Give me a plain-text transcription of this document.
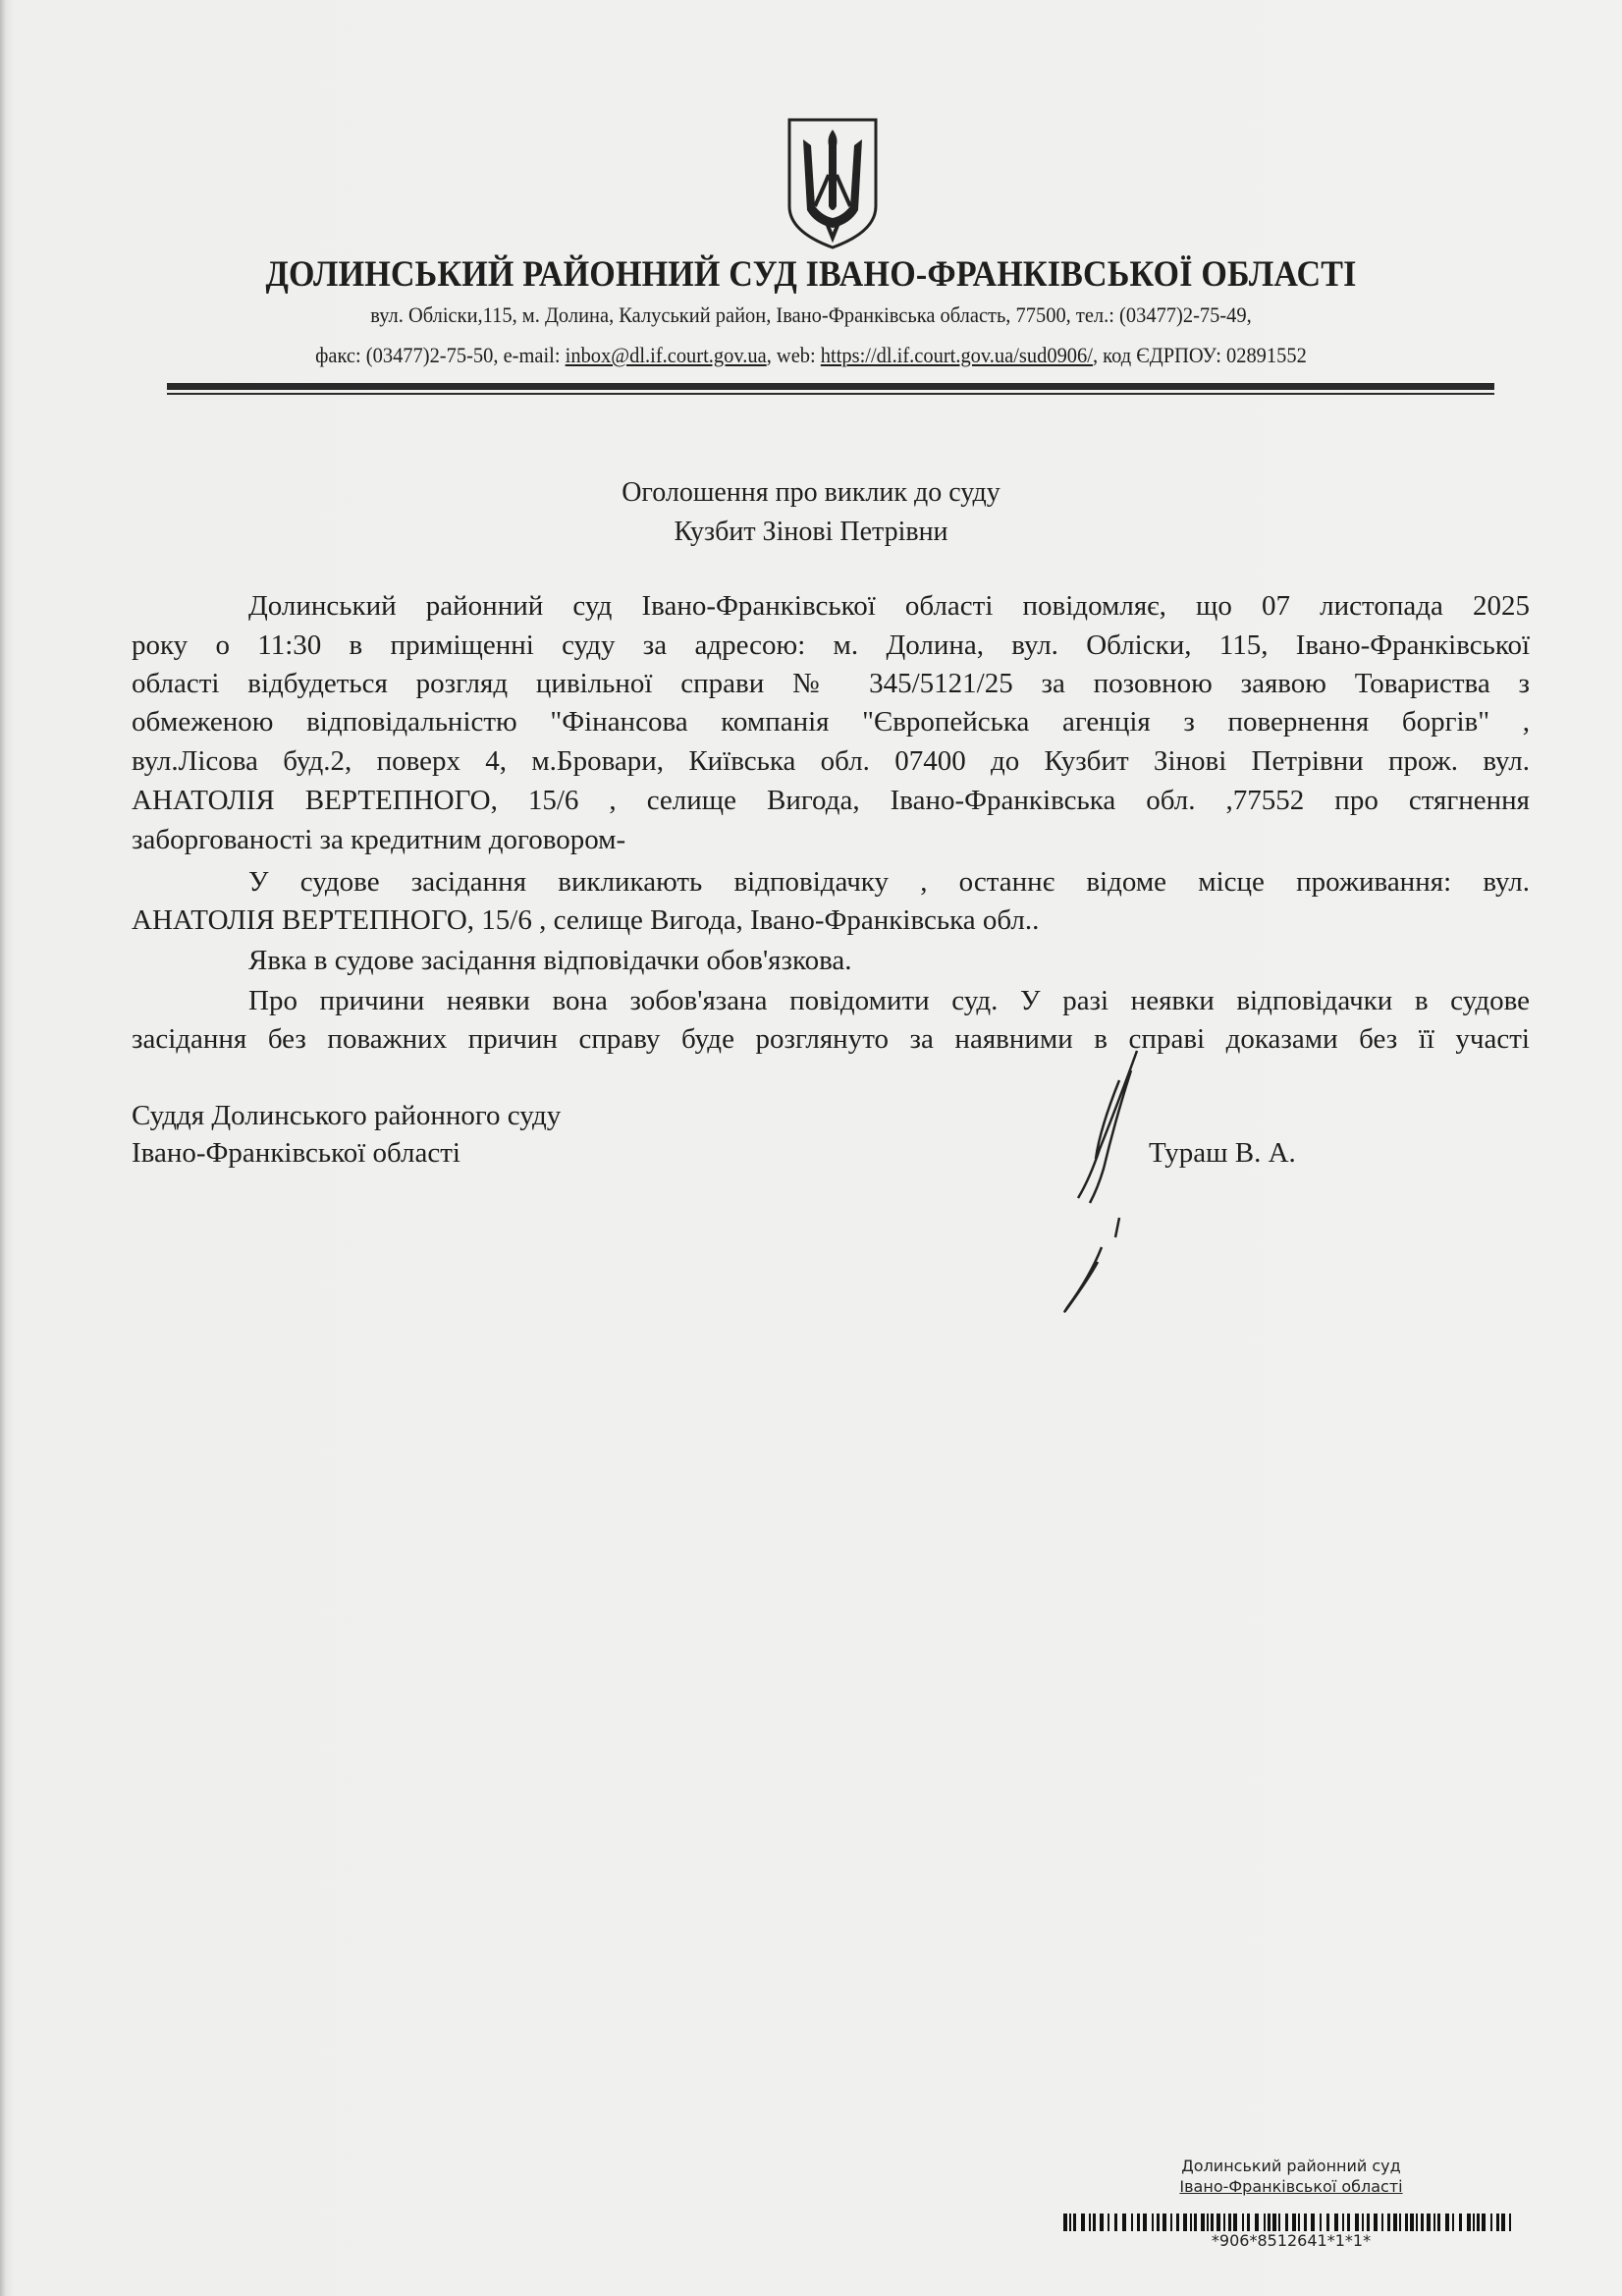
ДОЛИНСЬКИЙ РАЙОННИЙ СУД ІВАНО-ФРАНКІВСЬКОЇ ОБЛАСТІ
вул. Обліски,115, м. Долина, Калуський район, Івано-Франківська область, 77500, тел.: (03477)2-75-49,
факс: (03477)2-75-50, e-mail: inbox@dl.if.court.gov.ua, web: https://dl.if.court.gov.ua/sud0906/, код ЄДРПОУ: 02891552
Оголошення про виклик до суду
Кузбит Зінові Петрівни
Долинський районний суд Івано-Франківської області повідомляє, що 07 листопада 2025
року о 11:30 в приміщенні суду за адресою: м. Долина, вул. Обліски, 115, Івано-Франківської
області відбудеться розгляд цивільної справи № 345/5121/25 за позовною заявою Товариства з
обмеженою відповідальністю "Фінансова компанія "Європейська агенція з повернення боргів" ,
вул.Лісова буд.2, поверх 4, м.Бровари, Київська обл. 07400 до Кузбит Зінові Петрівни прож. вул.
АНАТОЛІЯ ВЕРТЕПНОГО, 15/6 , селище Вигода, Івано-Франківська обл. ,77552 про стягнення
заборгованості за кредитним договором-
У судове засідання викликають відповідачку , останнє відоме місце проживання: вул.
АНАТОЛІЯ ВЕРТЕПНОГО, 15/6 , селище Вигода, Івано-Франківська обл..
Явка в судове засідання відповідачки обов'язкова.
Про причини неявки вона зобов'язана повідомити суд. У разі неявки відповідачки в судове
засідання без поважних причин справу буде розглянуто за наявними в справі доказами без її участі
Суддя Долинського районного суду
Івано-Франківської області	Тураш В. А.
Долинський районний суд
Івано-Франківської області
*906*8512641*1*1*
